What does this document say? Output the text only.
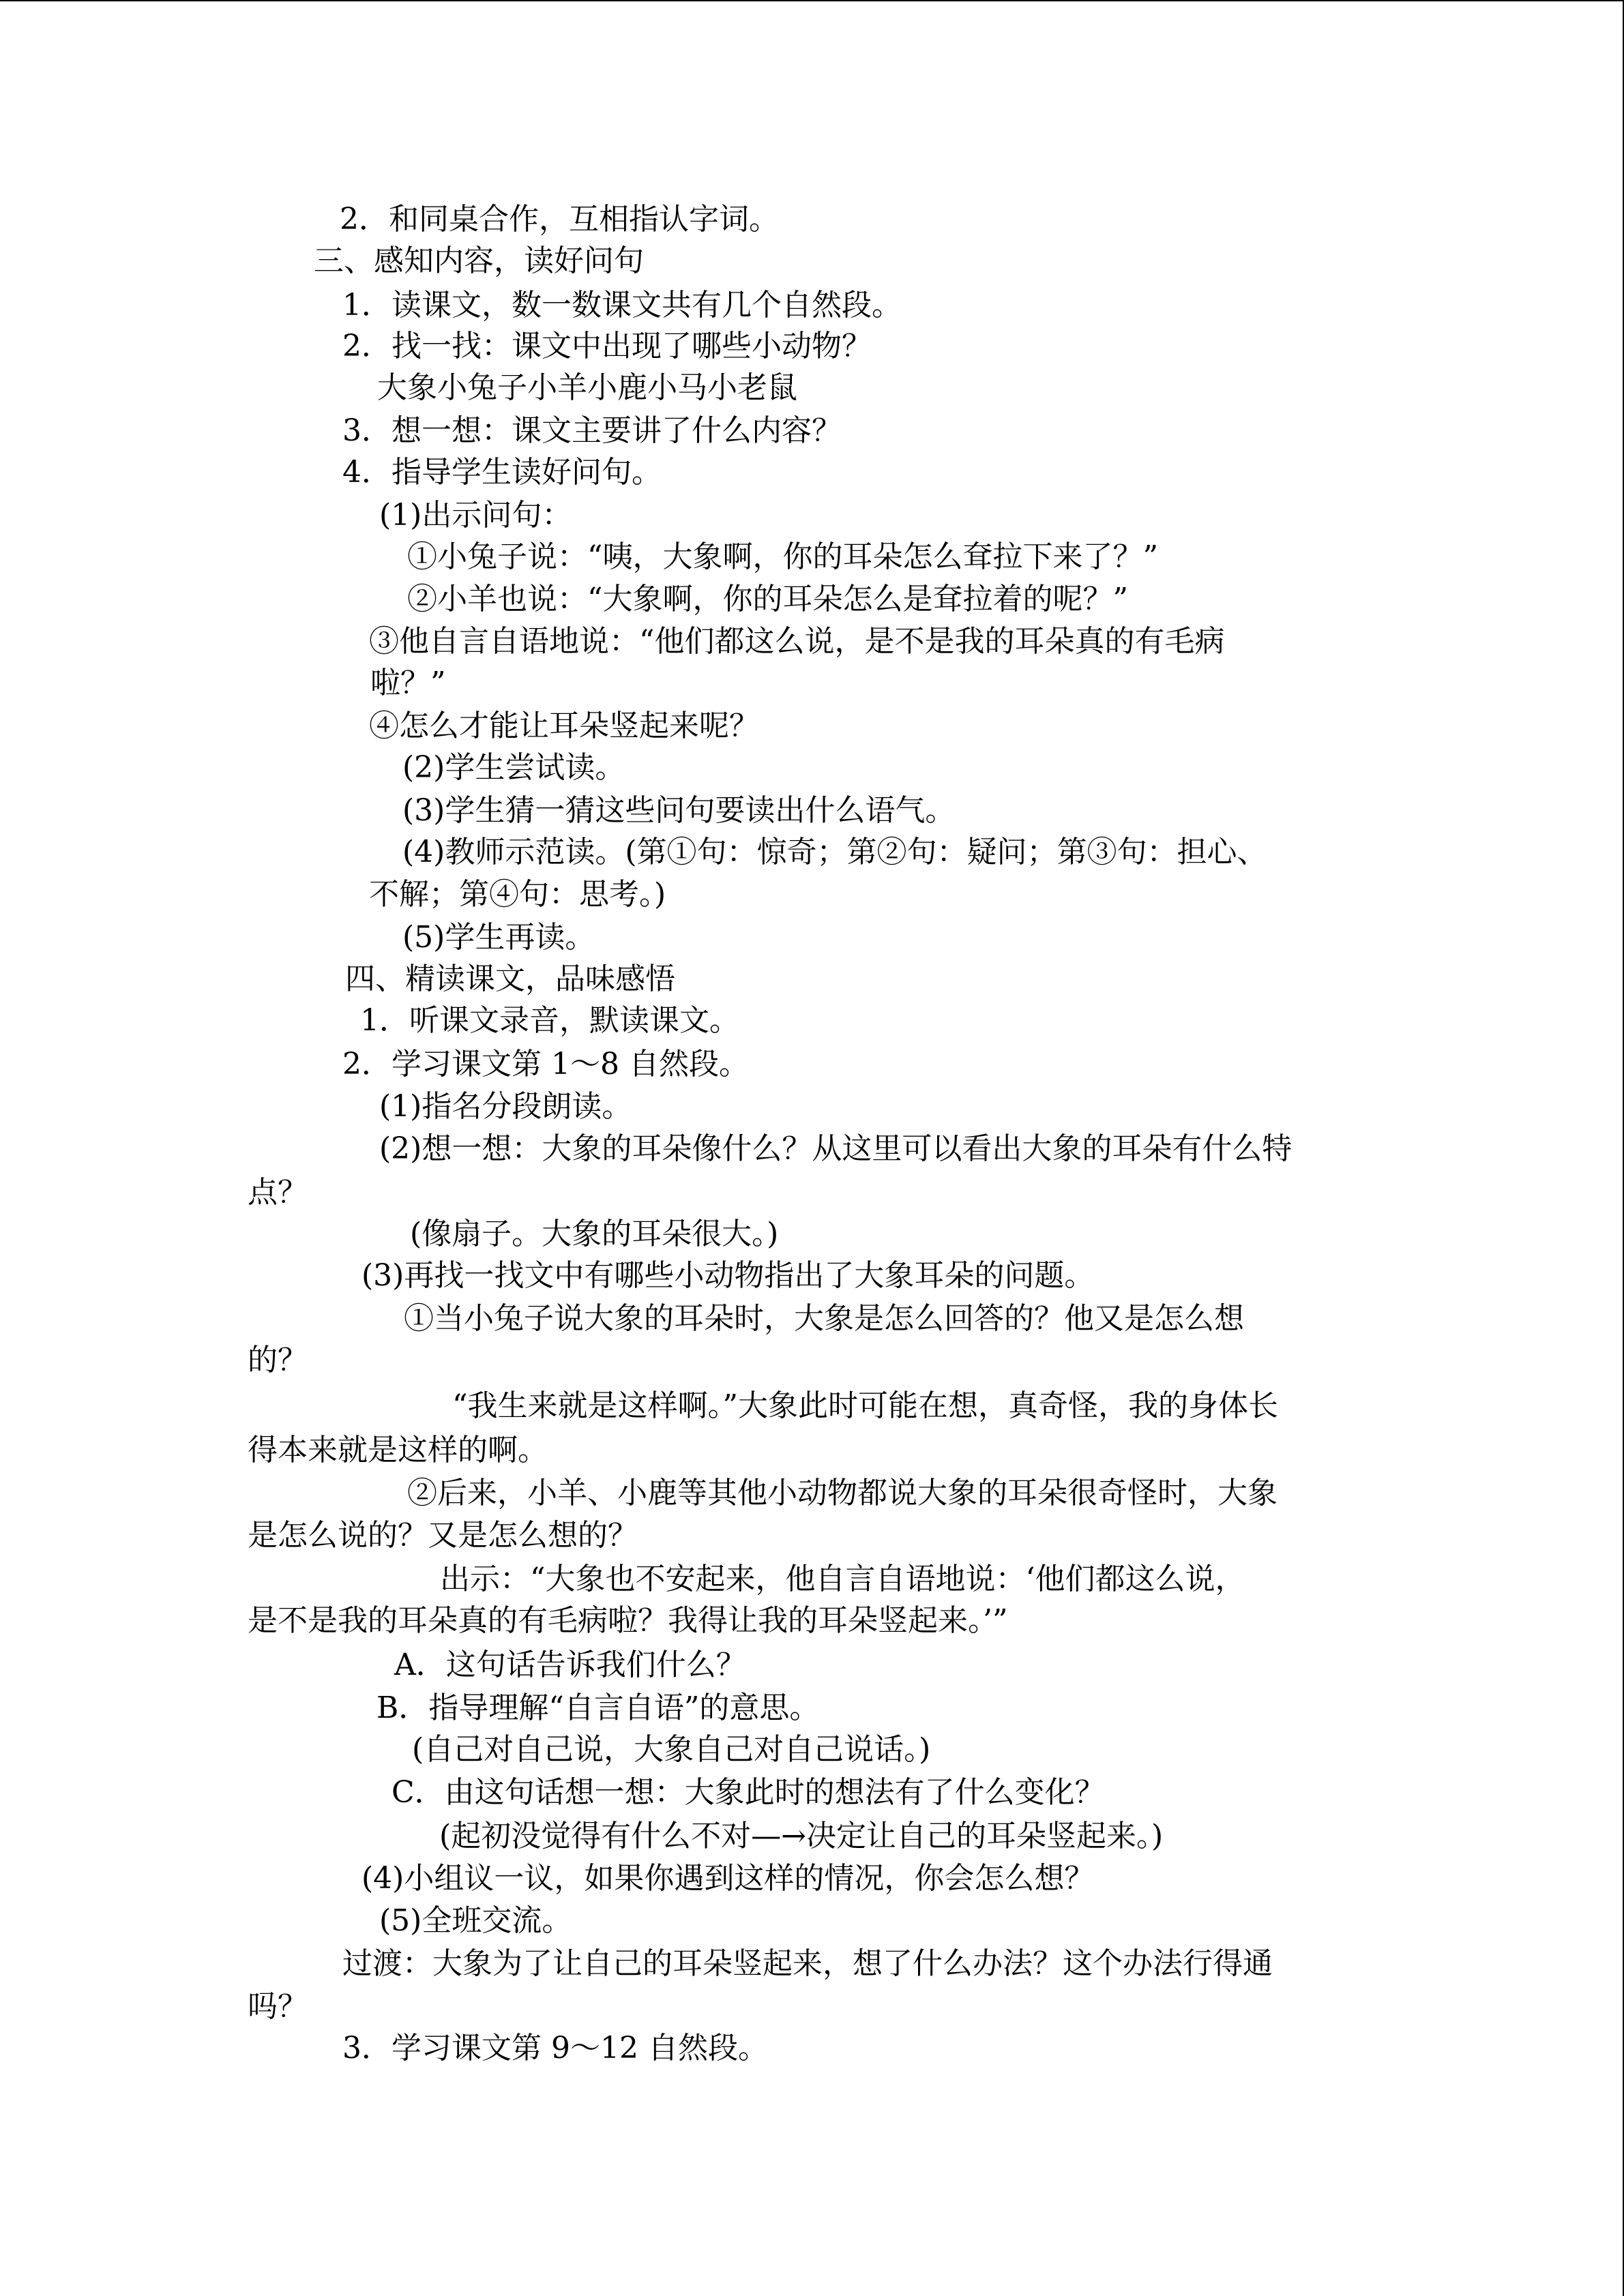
2．和同桌合作，互相指认字词。
三、感知内容，读好问句
1．读课文，数一数课文共有几个自然段。
2．找一找：课文中出现了哪些小动物？
大象小兔子小羊小鹿小马小老鼠
3．想一想：课文主要讲了什么内容？
4．指导学生读好问句。
(1)出示问句：
①小兔子说：“咦，大象啊，你的耳朵怎么耷拉下来了？”
②小羊也说：“大象啊，你的耳朵怎么是耷拉着的呢？”
③他自言自语地说：“他们都这么说，是不是我的耳朵真的有毛病
啦？”
④怎么才能让耳朵竖起来呢？
(2)学生尝试读。
(3)学生猜一猜这些问句要读出什么语气。
(4)教师示范读。(第①句：惊奇；第②句：疑问；第③句：担心、
不解；第④句：思考。)
(5)学生再读。
四、精读课文，品味感悟
1．听课文录音，默读课文。
2．学习课文第 1～8 自然段。
(1)指名分段朗读。
(2)想一想：大象的耳朵像什么？从这里可以看出大象的耳朵有什么特
点？
(像扇子。大象的耳朵很大。)
(3)再找一找文中有哪些小动物指出了大象耳朵的问题。
①当小兔子说大象的耳朵时，大象是怎么回答的？他又是怎么想
的？
“我生来就是这样啊。”大象此时可能在想，真奇怪，我的身体长
得本来就是这样的啊。
②后来，小羊、小鹿等其他小动物都说大象的耳朵很奇怪时，大象
是怎么说的？又是怎么想的？
出示：“大象也不安起来，他自言自语地说：‘他们都这么说，
是不是我的耳朵真的有毛病啦？我得让我的耳朵竖起来。’”
A．这句话告诉我们什么？
B．指导理解“自言自语”的意思。
(自己对自己说，大象自己对自己说话。)
C．由这句话想一想：大象此时的想法有了什么变化？
(起初没觉得有什么不对—→决定让自己的耳朵竖起来。)
(4)小组议一议，如果你遇到这样的情况，你会怎么想？
(5)全班交流。
过渡：大象为了让自己的耳朵竖起来，想了什么办法？这个办法行得通
吗？
3．学习课文第 9～12 自然段。
